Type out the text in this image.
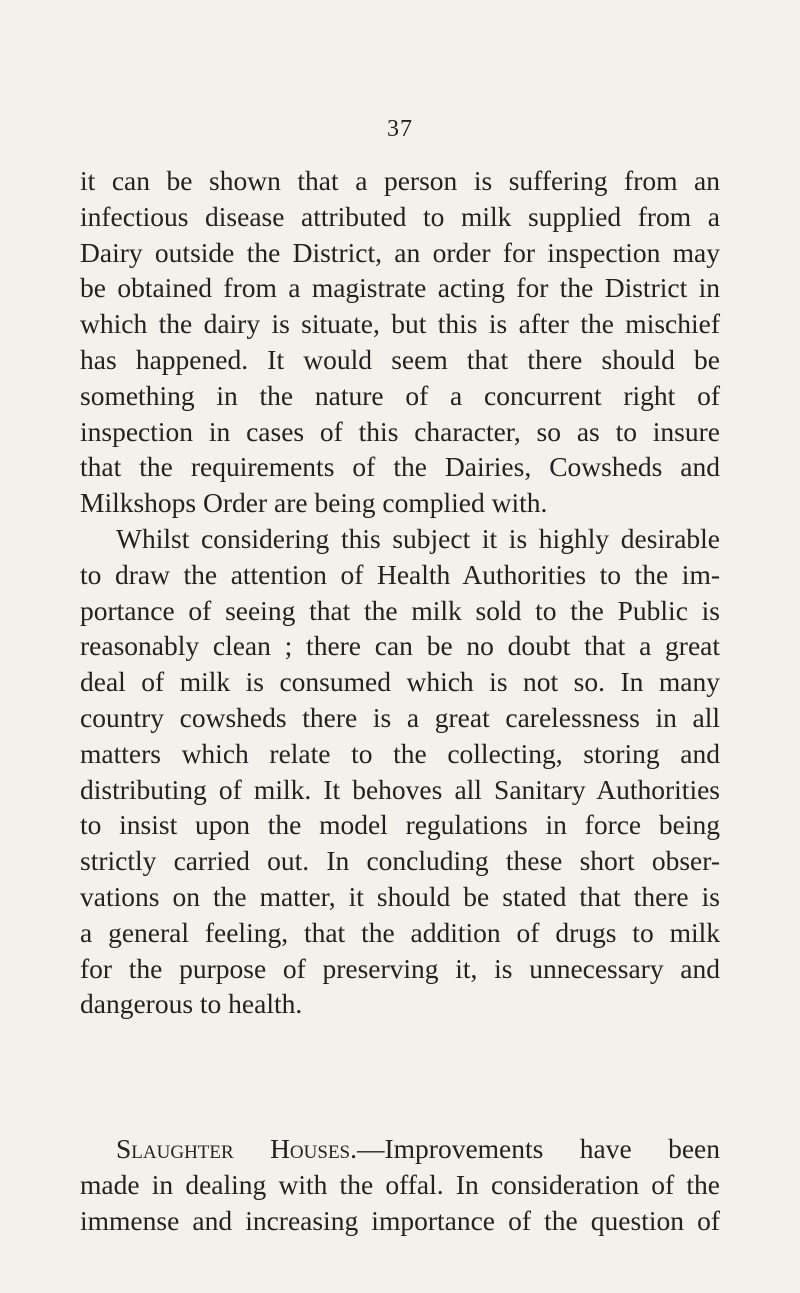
37
it can be shown that a person is suffering from an
infectious disease attributed to milk supplied from a
Dairy outside the District, an order for inspection may
be obtained from a magistrate acting for the District in
which the dairy is situate, but this is after the mischief
has happened. It would seem that there should be
something in the nature of a concurrent right of
inspection in cases of this character, so as to insure
that the requirements of the Dairies, Cowsheds and
Milkshops Order are being complied with.
Whilst considering this subject it is highly desirable
to draw the attention of Health Authorities to the im-
portance of seeing that the milk sold to the Public is
reasonably clean ; there can be no doubt that a great
deal of milk is consumed which is not so. In many
country cowsheds there is a great carelessness in all
matters which relate to the collecting, storing and
distributing of milk. It behoves all Sanitary Authorities
to insist upon the model regulations in force being
strictly carried out. In concluding these short obser-
vations on the matter, it should be stated that there is
a general feeling, that the addition of drugs to milk
for the purpose of preserving it, is unnecessary and
dangerous to health.
Slaughter Houses.—Improvements have been
made in dealing with the offal. In consideration of the
immense and increasing importance of the question of
